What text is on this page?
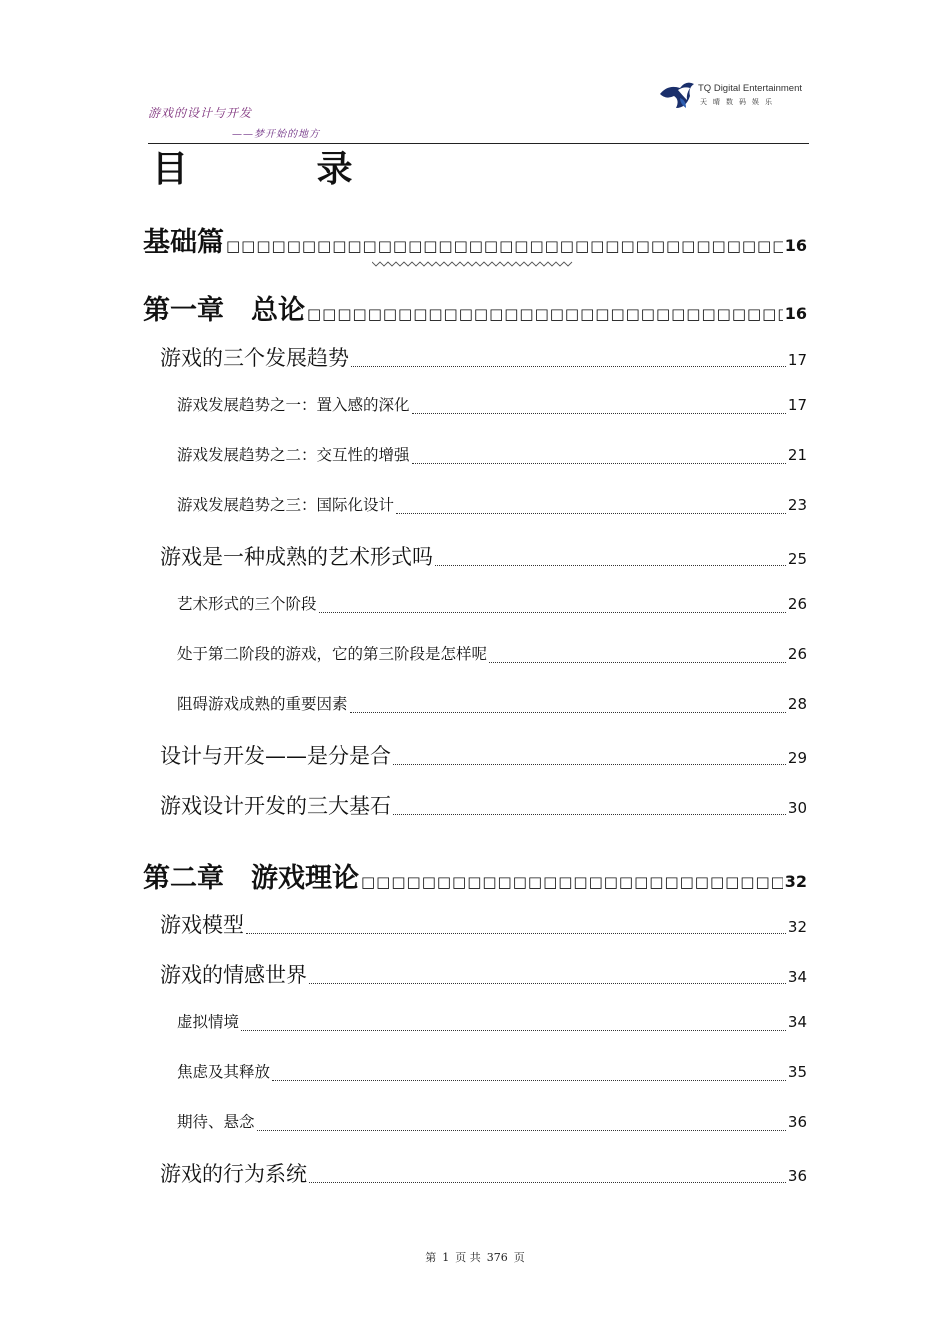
游戏的设计与开发
——梦开始的地方
TQ Digital Entertainment
天晴数码娱乐
目 录
基础篇 □□□□□□□□□□□□□□□□□□□□□□□□□□□□□□□□□□□□□□□□□□□□□□□□□□□□□□□□□□□□□□□□□□□□	16
第一章　总论 □□□□□□□□□□□□□□□□□□□□□□□□□□□□□□□□□□□□□□□□□□□□□□□□□□□□□□□□□□□□□□□□□□□□	16
游戏的三个发展趋势	17
游戏发展趋势之一：置入感的深化	17
游戏发展趋势之二：交互性的增强	21
游戏发展趋势之三：国际化设计	23
游戏是一种成熟的艺术形式吗	25
艺术形式的三个阶段	26
处于第二阶段的游戏，它的第三阶段是怎样呢	26
阻碍游戏成熟的重要因素	28
设计与开发——是分是合	29
游戏设计开发的三大基石	30
第二章　游戏理论 □□□□□□□□□□□□□□□□□□□□□□□□□□□□□□□□□□□□□□□□□□□□□□□□□□□□□□□□□□□□□□□□□□□□	32
游戏模型	32
游戏的情感世界	34
虚拟情境	34
焦虑及其释放	35
期待、悬念	36
游戏的行为系统	36
第 1 页 共 376 页
